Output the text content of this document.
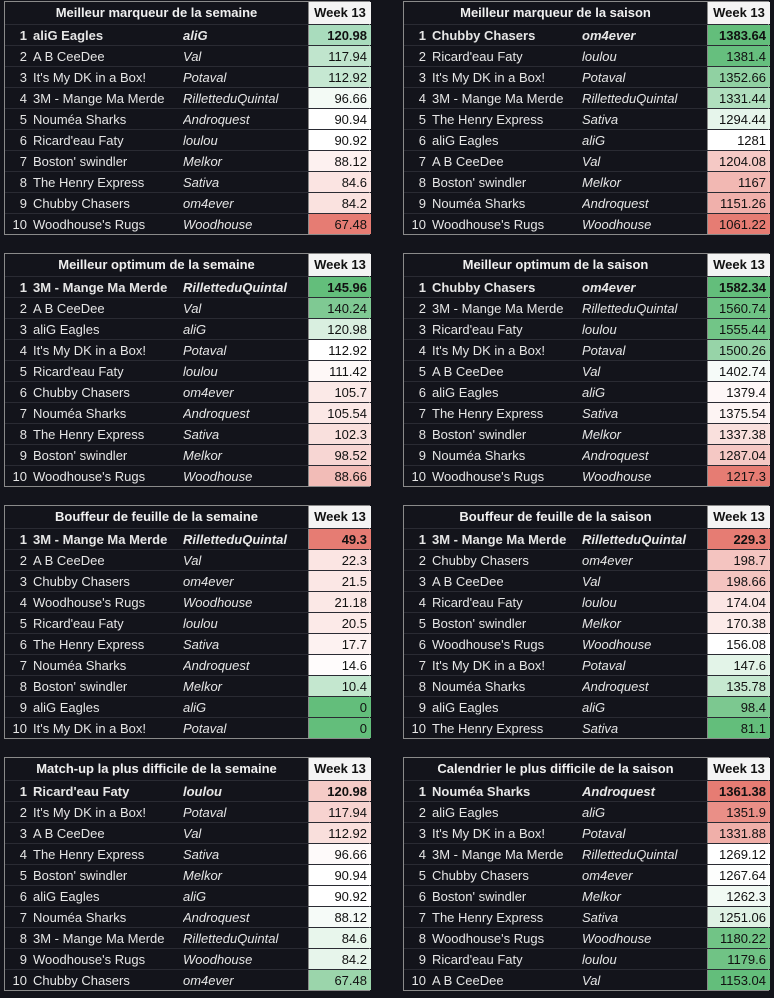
Meilleur marqueur de la semaine	Week 13
1 aliG Eagles	aliG	120.98
2 A B CeeDee	Val	117.94
3 It's My DK in a Box!	Potaval	112.92
4 3M - Mange Ma Merde	RilletteduQuintal	96.66
5 Nouméa Sharks	Androquest	90.94
6 Ricard'eau Faty	loulou	90.92
7 Boston' swindler	Melkor	88.12
8 The Henry Express	Sativa	84.6
9 Chubby Chasers	om4ever	84.2
10 Woodhouse's Rugs	Woodhouse	67.48
Meilleur marqueur de la saison	Week 13
1 Chubby Chasers	om4ever	1383.64
2 Ricard'eau Faty	loulou	1381.4
3 It's My DK in a Box!	Potaval	1352.66
4 3M - Mange Ma Merde	RilletteduQuintal	1331.44
5 The Henry Express	Sativa	1294.44
6 aliG Eagles	aliG	1281
7 A B CeeDee	Val	1204.08
8 Boston' swindler	Melkor	1167
9 Nouméa Sharks	Androquest	1151.26
10 Woodhouse's Rugs	Woodhouse	1061.22
Meilleur optimum de la semaine	Week 13
1 3M - Mange Ma Merde	RilletteduQuintal	145.96
2 A B CeeDee	Val	140.24
3 aliG Eagles	aliG	120.98
4 It's My DK in a Box!	Potaval	112.92
5 Ricard'eau Faty	loulou	111.42
6 Chubby Chasers	om4ever	105.7
7 Nouméa Sharks	Androquest	105.54
8 The Henry Express	Sativa	102.3
9 Boston' swindler	Melkor	98.52
10 Woodhouse's Rugs	Woodhouse	88.66
Meilleur optimum de la saison	Week 13
1 Chubby Chasers	om4ever	1582.34
2 3M - Mange Ma Merde	RilletteduQuintal	1560.74
3 Ricard'eau Faty	loulou	1555.44
4 It's My DK in a Box!	Potaval	1500.26
5 A B CeeDee	Val	1402.74
6 aliG Eagles	aliG	1379.4
7 The Henry Express	Sativa	1375.54
8 Boston' swindler	Melkor	1337.38
9 Nouméa Sharks	Androquest	1287.04
10 Woodhouse's Rugs	Woodhouse	1217.3
Bouffeur de feuille de la semaine	Week 13
1 3M - Mange Ma Merde	RilletteduQuintal	49.3
2 A B CeeDee	Val	22.3
3 Chubby Chasers	om4ever	21.5
4 Woodhouse's Rugs	Woodhouse	21.18
5 Ricard'eau Faty	loulou	20.5
6 The Henry Express	Sativa	17.7
7 Nouméa Sharks	Androquest	14.6
8 Boston' swindler	Melkor	10.4
9 aliG Eagles	aliG	0
10 It's My DK in a Box!	Potaval	0
Bouffeur de feuille de la saison	Week 13
1 3M - Mange Ma Merde	RilletteduQuintal	229.3
2 Chubby Chasers	om4ever	198.7
3 A B CeeDee	Val	198.66
4 Ricard'eau Faty	loulou	174.04
5 Boston' swindler	Melkor	170.38
6 Woodhouse's Rugs	Woodhouse	156.08
7 It's My DK in a Box!	Potaval	147.6
8 Nouméa Sharks	Androquest	135.78
9 aliG Eagles	aliG	98.4
10 The Henry Express	Sativa	81.1
Match-up la plus difficile de la semaine	Week 13
1 Ricard'eau Faty	loulou	120.98
2 It's My DK in a Box!	Potaval	117.94
3 A B CeeDee	Val	112.92
4 The Henry Express	Sativa	96.66
5 Boston' swindler	Melkor	90.94
6 aliG Eagles	aliG	90.92
7 Nouméa Sharks	Androquest	88.12
8 3M - Mange Ma Merde	RilletteduQuintal	84.6
9 Woodhouse's Rugs	Woodhouse	84.2
10 Chubby Chasers	om4ever	67.48
Calendrier le plus difficile de la saison	Week 13
1 Nouméa Sharks	Androquest	1361.38
2 aliG Eagles	aliG	1351.9
3 It's My DK in a Box!	Potaval	1331.88
4 3M - Mange Ma Merde	RilletteduQuintal	1269.12
5 Chubby Chasers	om4ever	1267.64
6 Boston' swindler	Melkor	1262.3
7 The Henry Express	Sativa	1251.06
8 Woodhouse's Rugs	Woodhouse	1180.22
9 Ricard'eau Faty	loulou	1179.6
10 A B CeeDee	Val	1153.04
